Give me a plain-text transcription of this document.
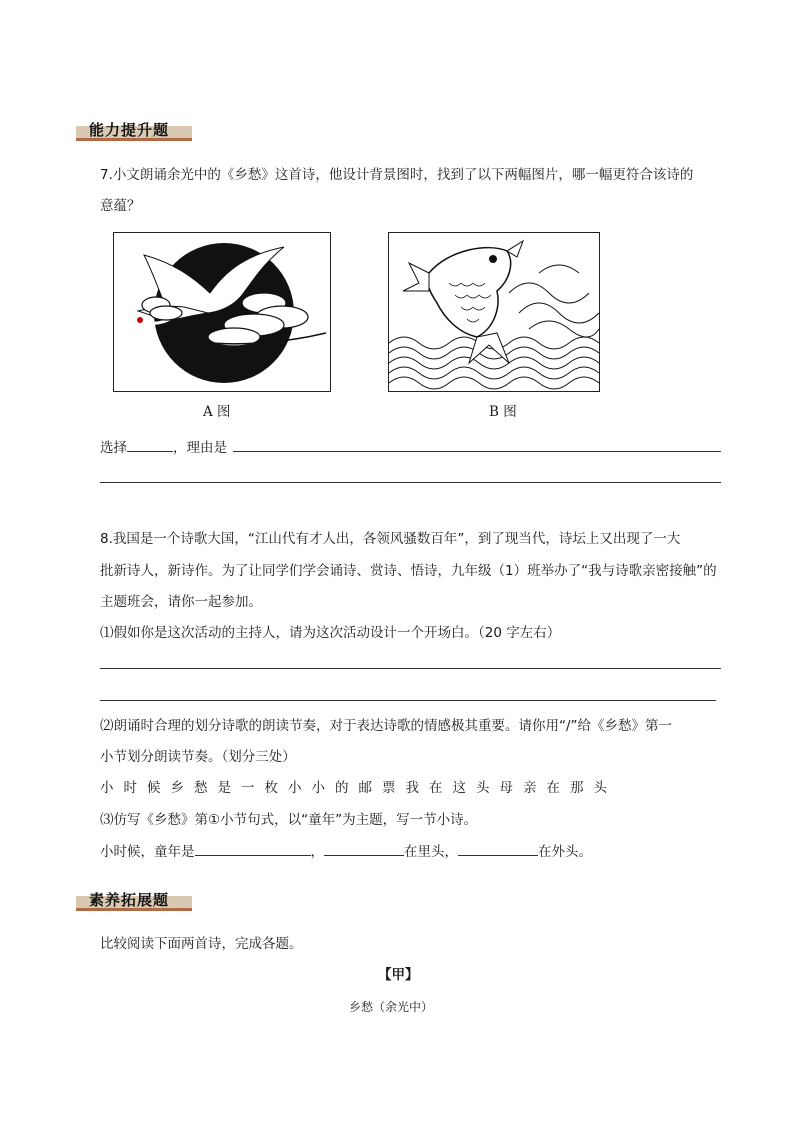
能力提升题
7.小文朗诵余光中的《乡愁》这首诗，他设计背景图时，找到了以下两幅图片，哪一幅更符合该诗的
意蕴？
A 图	B 图
选择	，理由是
8.我国是一个诗歌大国，“江山代有才人出，各领风骚数百年”，到了现当代，诗坛上又出现了一大
批新诗人，新诗作。为了让同学们学会诵诗、赏诗、悟诗，九年级（1）班举办了“我与诗歌亲密接触”的
主题班会，请你一起参加。
⑴假如你是这次活动的主持人，请为这次活动设计一个开场白。（20 字左右）
⑵朗诵时合理的划分诗歌的朗读节奏，对于表达诗歌的情感极其重要。请你用“/”给《乡愁》第一
小节划分朗读节奏。（划分三处）
小 时 候 乡 愁 是 一 枚 小 小 的 邮 票 我 在 这 头 母 亲 在 那 头
⑶仿写《乡愁》第①小节句式，以“童年”为主题，写一节小诗。
小时候，童年是	，	在里头，	在外头。
素养拓展题
比较阅读下面两首诗，完成各题。
【甲】
乡愁（余光中）
